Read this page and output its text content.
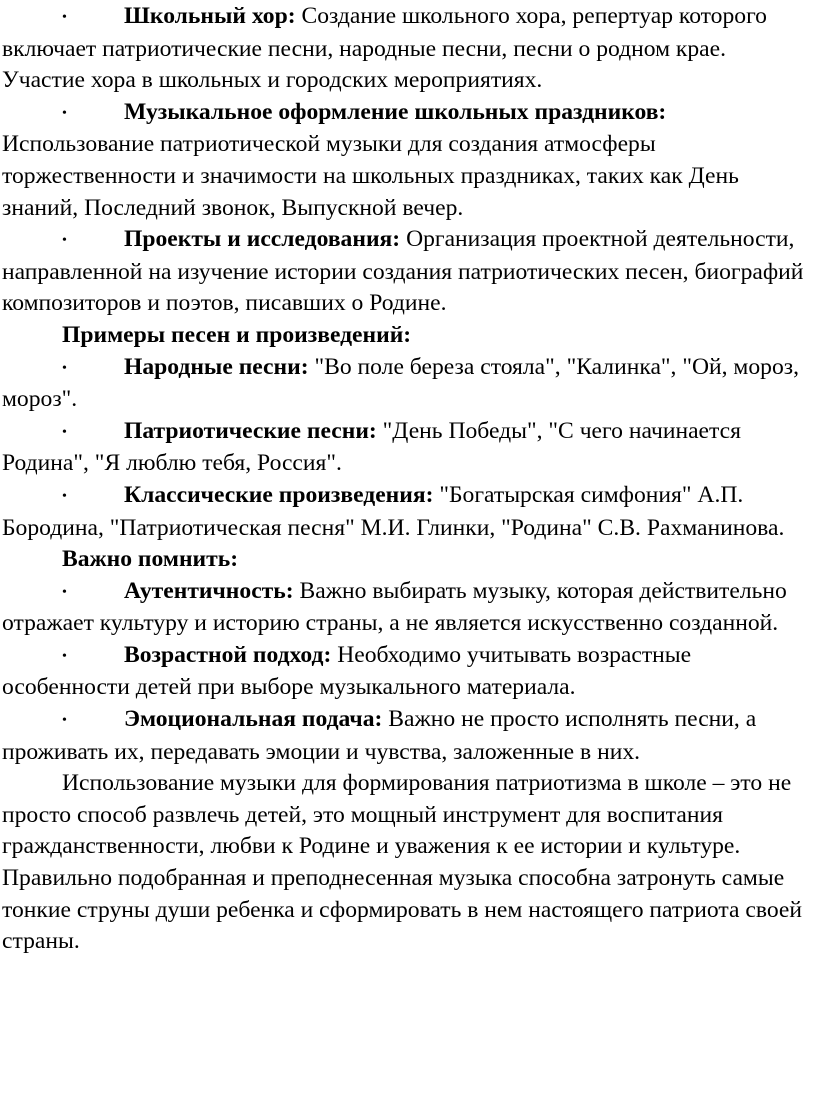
• Школьный хор: Создание школьного хора, репертуар которого включает патриотические песни, народные песни, песни о родном крае. Участие хора в школьных и городских мероприятиях.

• Музыкальное оформление школьных праздников: Использование патриотической музыки для создания атмосферы торжественности и значимости на школьных праздниках, таких как День знаний, Последний звонок, Выпускной вечер.

• Проекты и исследования: Организация проектной деятельности, направленной на изучение истории создания патриотических песен, биографий композиторов и поэтов, писавших о Родине.

Примеры песен и произведений:

• Народные песни: "Во поле береза стояла", "Калинка", "Ой, мороз, мороз".

• Патриотические песни: "День Победы", "С чего начинается Родина", "Я люблю тебя, Россия".

• Классические произведения: "Богатырская симфония" А.П. Бородина, "Патриотическая песня" М.И. Глинки, "Родина" С.В. Рахманинова.

Важно помнить:

• Аутентичность: Важно выбирать музыку, которая действительно отражает культуру и историю страны, а не является искусственно созданной.

• Возрастной подход: Необходимо учитывать возрастные особенности детей при выборе музыкального материала.

• Эмоциональная подача: Важно не просто исполнять песни, а проживать их, передавать эмоции и чувства, заложенные в них.

Использование музыки для формирования патриотизма в школе – это не просто способ развлечь детей, это мощный инструмент для воспитания гражданственности, любви к Родине и уважения к ее истории и культуре. Правильно подобранная и преподнесенная музыка способна затронуть самые тонкие струны души ребенка и сформировать в нем настоящего патриота своей страны.
